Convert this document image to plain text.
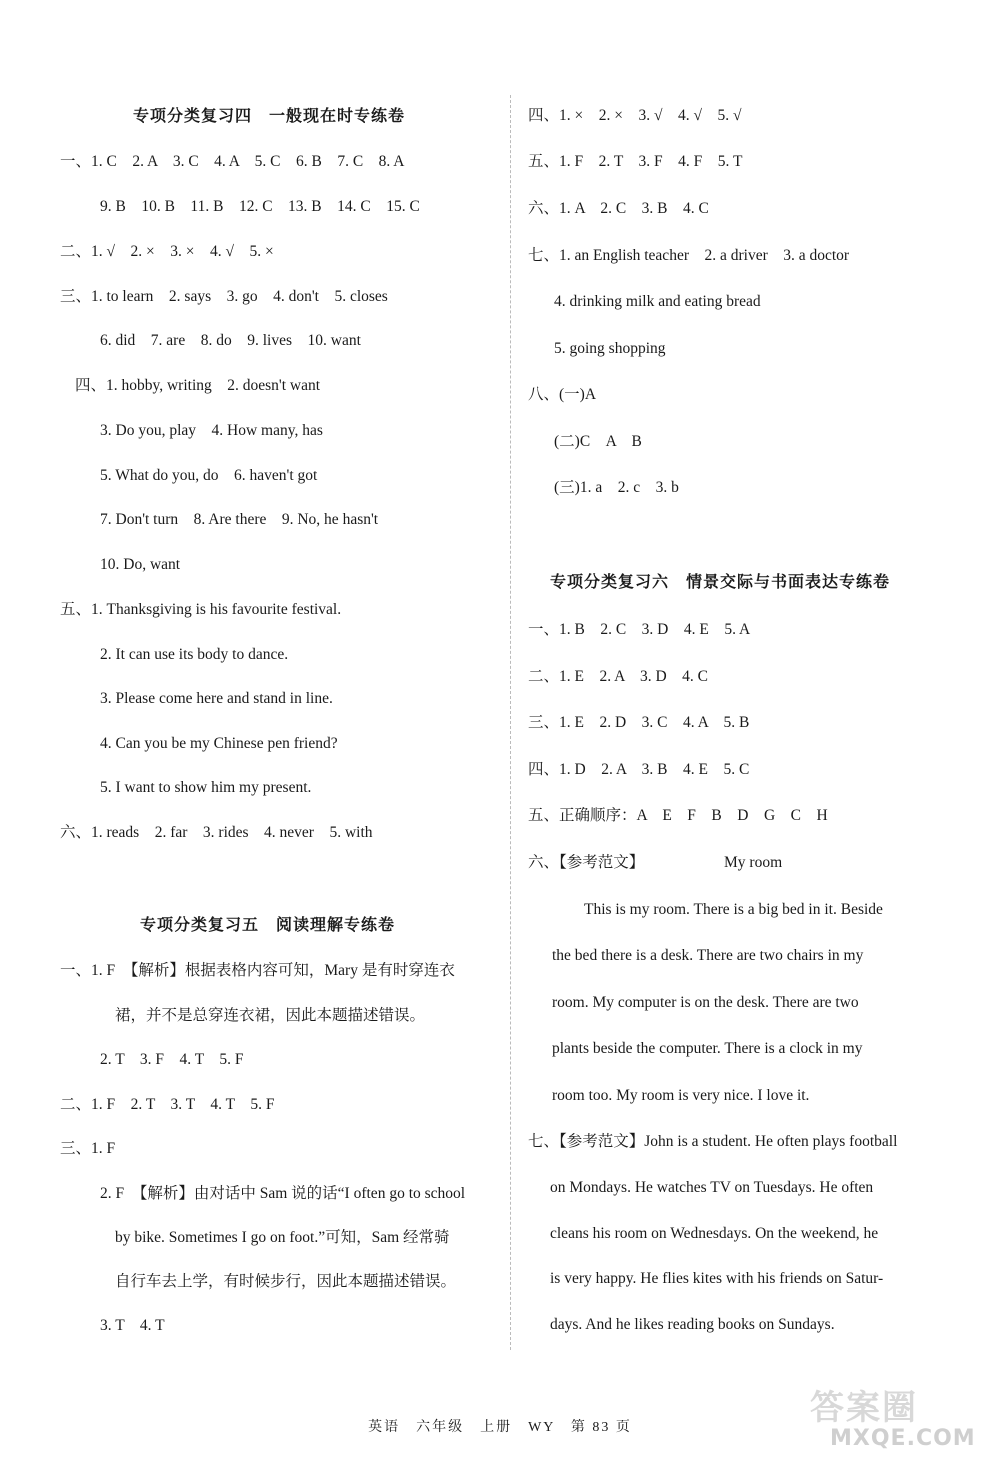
专项分类复习四　一般现在时专练卷
一、1. C　2. A　3. C　4. A　5. C　6. B　7. C　8. A
9. B　10. B　11. B　12. C　13. B　14. C　15. C
二、1. √　2. ×　3. ×　4. √　5. ×
三、1. to learn　2. says　3. go　4. don't　5. closes
6. did　7. are　8. do　9. lives　10. want
四、1. hobby, writing　2. doesn't want
3. Do you, play　4. How many, has
5. What do you, do　6. haven't got
7. Don't turn　8. Are there　9. No, he hasn't
10. Do, want
五、1. Thanksgiving is his favourite festival.
2. It can use its body to dance.
3. Please come here and stand in line.
4. Can you be my Chinese pen friend?
5. I want to show him my present.
六、1. reads　2. far　3. rides　4. never　5. with
专项分类复习五　阅读理解专练卷
一、1. F　【解析】根据表格内容可知，Mary 是有时穿连衣
裙，并不是总穿连衣裙，因此本题描述错误。
2. T　3. F　4. T　5. F
二、1. F　2. T　3. T　4. T　5. F
三、1. F
2. F　【解析】由对话中 Sam 说的话“I often go to school
by bike. Sometimes I go on foot.”可知，Sam 经常骑
自行车去上学，有时候步行，因此本题描述错误。
3. T　4. T
四、1. ×　2. ×　3. √　4. √　5. √
五、1. F　2. T　3. F　4. F　5. T
六、1. A　2. C　3. B　4. C
七、1. an English teacher　2. a driver　3. a doctor
4. drinking milk and eating bread
5. going shopping
八、(一)A
(二)C　A　B
(三)1. a　2. c　3. b
专项分类复习六　情景交际与书面表达专练卷
一、1. B　2. C　3. D　4. E　5. A
二、1. E　2. A　3. D　4. C
三、1. E　2. D　3. C　4. A　5. B
四、1. D　2. A　3. B　4. E　5. C
五、正确顺序：A　E　F　B　D　G　C　H
六、【参考范文】	My room
This is my room. There is a big bed in it. Beside
the bed there is a desk. There are two chairs in my
room. My computer is on the desk. There are two
plants beside the computer. There is a clock in my
room too. My room is very nice. I love it.
七、【参考范文】John is a student. He often plays football
on Mondays. He watches TV on Tuesdays. He often
cleans his room on Wednesdays. On the weekend, he
is very happy. He flies kites with his friends on Satur-
days. And he likes reading books on Sundays.
英语　六年级　上册　WY　第 83 页	答案圈
MXQE.COM
